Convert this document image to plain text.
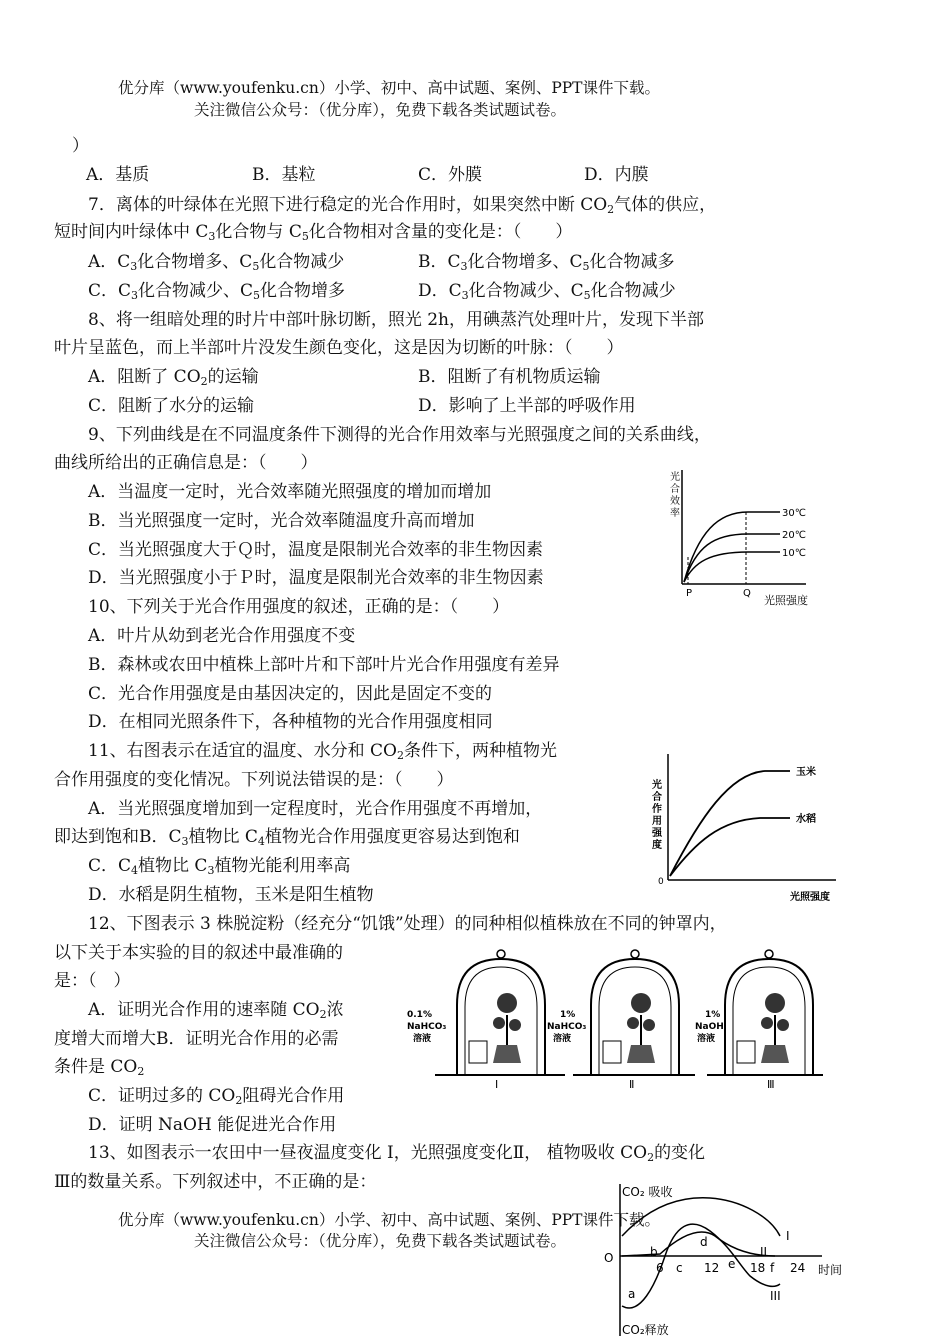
优分库（www.youfenku.cn）小学、初中、高中试题、案例、PPT课件下载。
关注微信公众号：（优分库），免费下载各类试题试卷。
）
A．基质	B．基粒	C．外膜	D．内膜
7．离体的叶绿体在光照下进行稳定的光合作用时，如果突然中断 $CO_2$气体的供应，
短时间内叶绿体中 $C_3$化合物与 $C_5$化合物相对含量的变化是：（　　）
A．$C_3$化合物增多、$C_5$化合物减少	B．$C_3$化合物增多、$C_5$化合物减多
C．$C_3$化合物减少、$C_5$化合物增多	D．$C_3$化合物减少、$C_5$化合物减少
8、将一组暗处理的时片中部叶脉切断，照光 2h，用碘蒸汽处理叶片，发现下半部
叶片呈蓝色，而上半部叶片没发生颜色变化，这是因为切断的叶脉：（　　）
A．阻断了 $CO_2$的运输	B．阻断了有机物质运输
C．阻断了水分的运输	D．影响了上半部的呼吸作用
9、下列曲线是在不同温度条件下测得的光合作用效率与光照强度之间的关系曲线，
曲线所给出的正确信息是：（　　）
A．当温度一定时，光合效率随光照强度的增加而增加
B．当光照强度一定时，光合效率随温度升高而增加
C．当光照强度大于Ｑ时，温度是限制光合效率的非生物因素
D．当光照强度小于Ｐ时，温度是限制光合效率的非生物因素
光
合
效
率	30℃
20℃
10℃
P	Q
光照强度
10、下列关于光合作用强度的叙述，正确的是：（　　）
A．叶片从幼到老光合作用强度不变
B．森林或农田中植株上部叶片和下部叶片光合作用强度有差异
C．光合作用强度是由基因决定的，因此是固定不变的
D．在相同光照条件下，各种植物的光合作用强度相同
11、右图表示在适宜的温度、水分和 $CO_2$条件下，两种植物光
合作用强度的变化情况。下列说法错误的是：（　　）
A．当光照强度增加到一定程度时，光合作用强度不再增加，
即达到饱和B．$C_3$植物比 $C_4$植物光合作用强度更容易达到饱和
C．$C_4$植物比 $C_3$植物光能利用率高
D．水稻是阴生植物，玉米是阳生植物
光
合
作
用
强
度
0
玉米
水稻
光照强度
12、下图表示 3 株脱淀粉（经充分“饥饿”处理）的同种相似植株放在不同的钟罩内，
以下关于本实验的目的叙述中最准确的
是：（　）
A．证明光合作用的速率随 $CO_2$浓
度增大而增大B．证明光合作用的必需
条件是 $CO_2$
C．证明过多的 $CO_2$阻碍光合作用
D．证明 NaOH 能促进光合作用
0.1%
NaHCO₃
溶液
I
1%
NaHCO₃
溶液
Ⅱ
1%
NaOH
溶液
Ⅲ
13、如图表示一农田中一昼夜温度变化 I，光照强度变化Ⅱ， 植物吸收 $CO_2$的变化
Ⅲ的数量关系。下列叙述中，不正确的是：	CO₂ 吸收
CO₂释放
O
时间
6	12	18 24
I
II
III
a
b
c
d
e	f
优分库（www.youfenku.cn）小学、初中、高中试题、案例、PPT课件下载。
关注微信公众号：（优分库），免费下载各类试题试卷。
